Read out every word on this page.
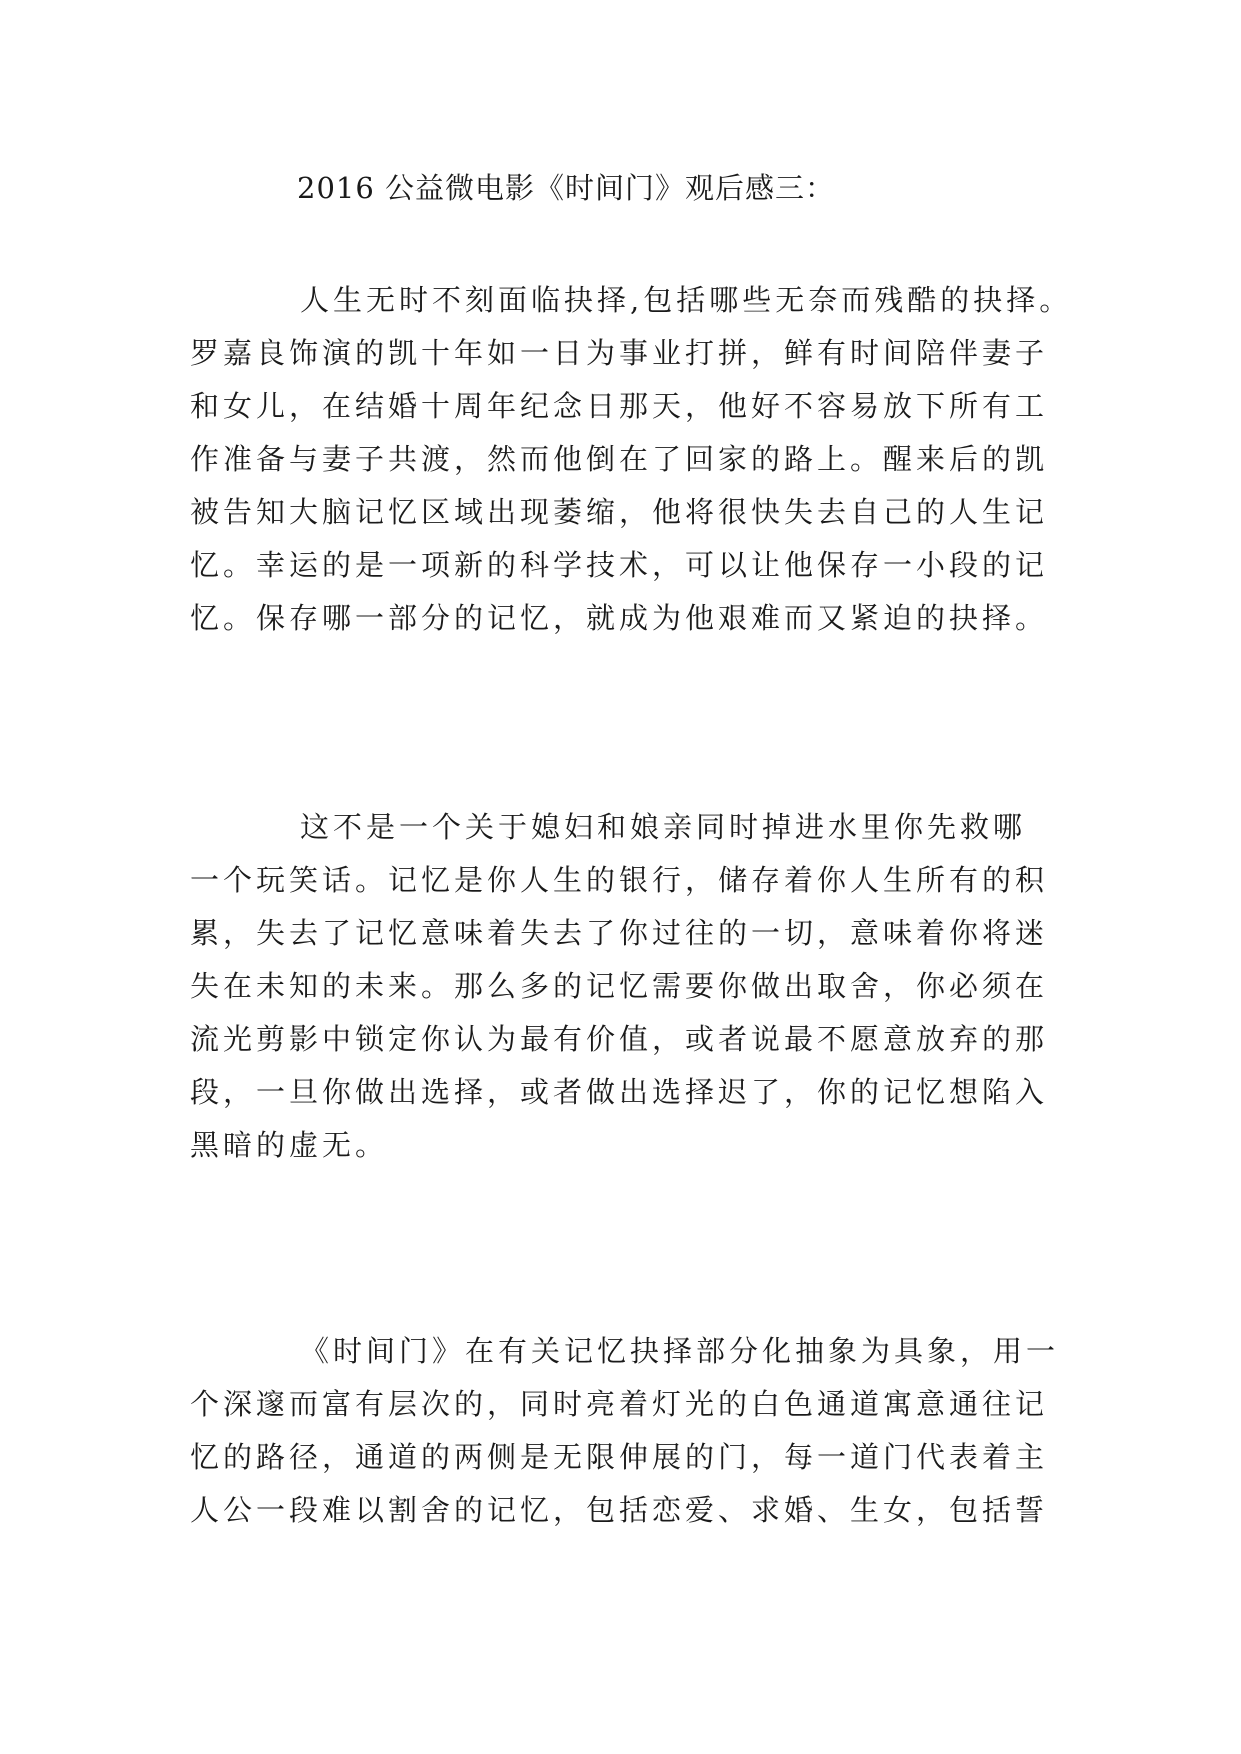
2016 公益微电影《时间门》观后感三：
人生无时不刻面临抉择,包括哪些无奈而残酷的抉择。
罗嘉良饰演的凯十年如一日为事业打拼，鲜有时间陪伴妻子
和女儿，在结婚十周年纪念日那天，他好不容易放下所有工
作准备与妻子共渡，然而他倒在了回家的路上。醒来后的凯
被告知大脑记忆区域出现萎缩，他将很快失去自己的人生记
忆。幸运的是一项新的科学技术，可以让他保存一小段的记
忆。保存哪一部分的记忆，就成为他艰难而又紧迫的抉择。
这不是一个关于媳妇和娘亲同时掉进水里你先救哪
一个玩笑话。记忆是你人生的银行，储存着你人生所有的积
累，失去了记忆意味着失去了你过往的一切，意味着你将迷
失在未知的未来。那么多的记忆需要你做出取舍，你必须在
流光剪影中锁定你认为最有价值，或者说最不愿意放弃的那
段，一旦你做出选择，或者做出选择迟了，你的记忆想陷入
黑暗的虚无。
《时间门》在有关记忆抉择部分化抽象为具象，用一
个深邃而富有层次的，同时亮着灯光的白色通道寓意通往记
忆的路径，通道的两侧是无限伸展的门，每一道门代表着主
人公一段难以割舍的记忆，包括恋爱、求婚、生女，包括誓
